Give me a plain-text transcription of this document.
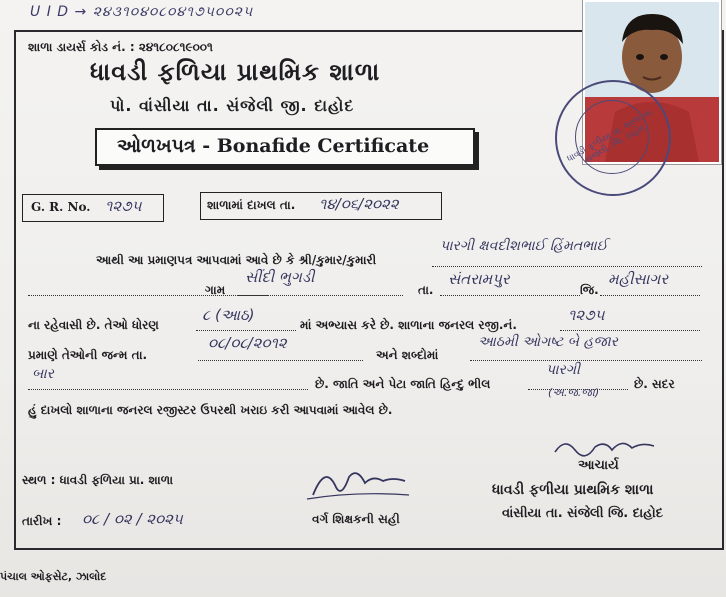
U I D → ૨૪૩૧૦૪૦૮૦૪૧૭૫૦૦૨૫
શાળા ડાયર્સ કોડ નં. : ૨૪૧૮૦૮૧૯૦૦૧
ધાવડી ફળિયા પ્રાથમિક શાળા
પો. વાંસીયા તા. સંજેલી જી. દાહોદ
ઓળખપત્ર - Bonafide Certificate	ધાવડી ફળીયા પ્રા. શાળા તા. સંજેલી, જિ. દાહોદ
G. R. No. ૧૨૭૫	શાળામાં દાખલ તા. ૧૪/૦૬/૨૦૨૨
આથી આ પ્રમાણપત્ર આપવામાં આવે છે કે શ્રી/કુમાર/કુમારી
પારગી ક્ષવદીશભાઈ હિંમતભાઈ
ગામ
સીંદી ભુગડી
તા.
સંતરામપુર
જિ.
મહીસાગર
ના રહેવાસી છે. તેઓ ધોરણ
૮ (આઠ)
માં અભ્યાસ કરે છે. શાળાના જનરલ રજી.નં.
૧૨૭૫
પ્રમાણે તેઓની જન્મ તા.
૦૮/૦૮/૨૦૧૨
અને શબ્દોમાં
આઠમી ઓગષ્ટ બે હજાર
બાર
છે. જાતિ અને પેટા જાતિ હિન્દુ ભીલ
પારગી
(અ.જ.જા)
છે. સદર
હું દાખલો શાળાના જનરલ રજીસ્ટર ઉપરથી ખરાઇ કરી આપવામાં આવેલ છે.
આચાર્ય
સ્થળ : ધાવડી ફળિયા પ્રા. શાળા
ધાવડી ફળીયા પ્રાથમિક શાળા
તારીખ : ૦૮ / ૦૨ / ૨૦૨૫	વર્ગ શિક્ષકની સહી	વાંસીયા તા. સંજેલી જિ. દાહોદ
પંચાલ ઓફસેટ, ઝાલોદ
